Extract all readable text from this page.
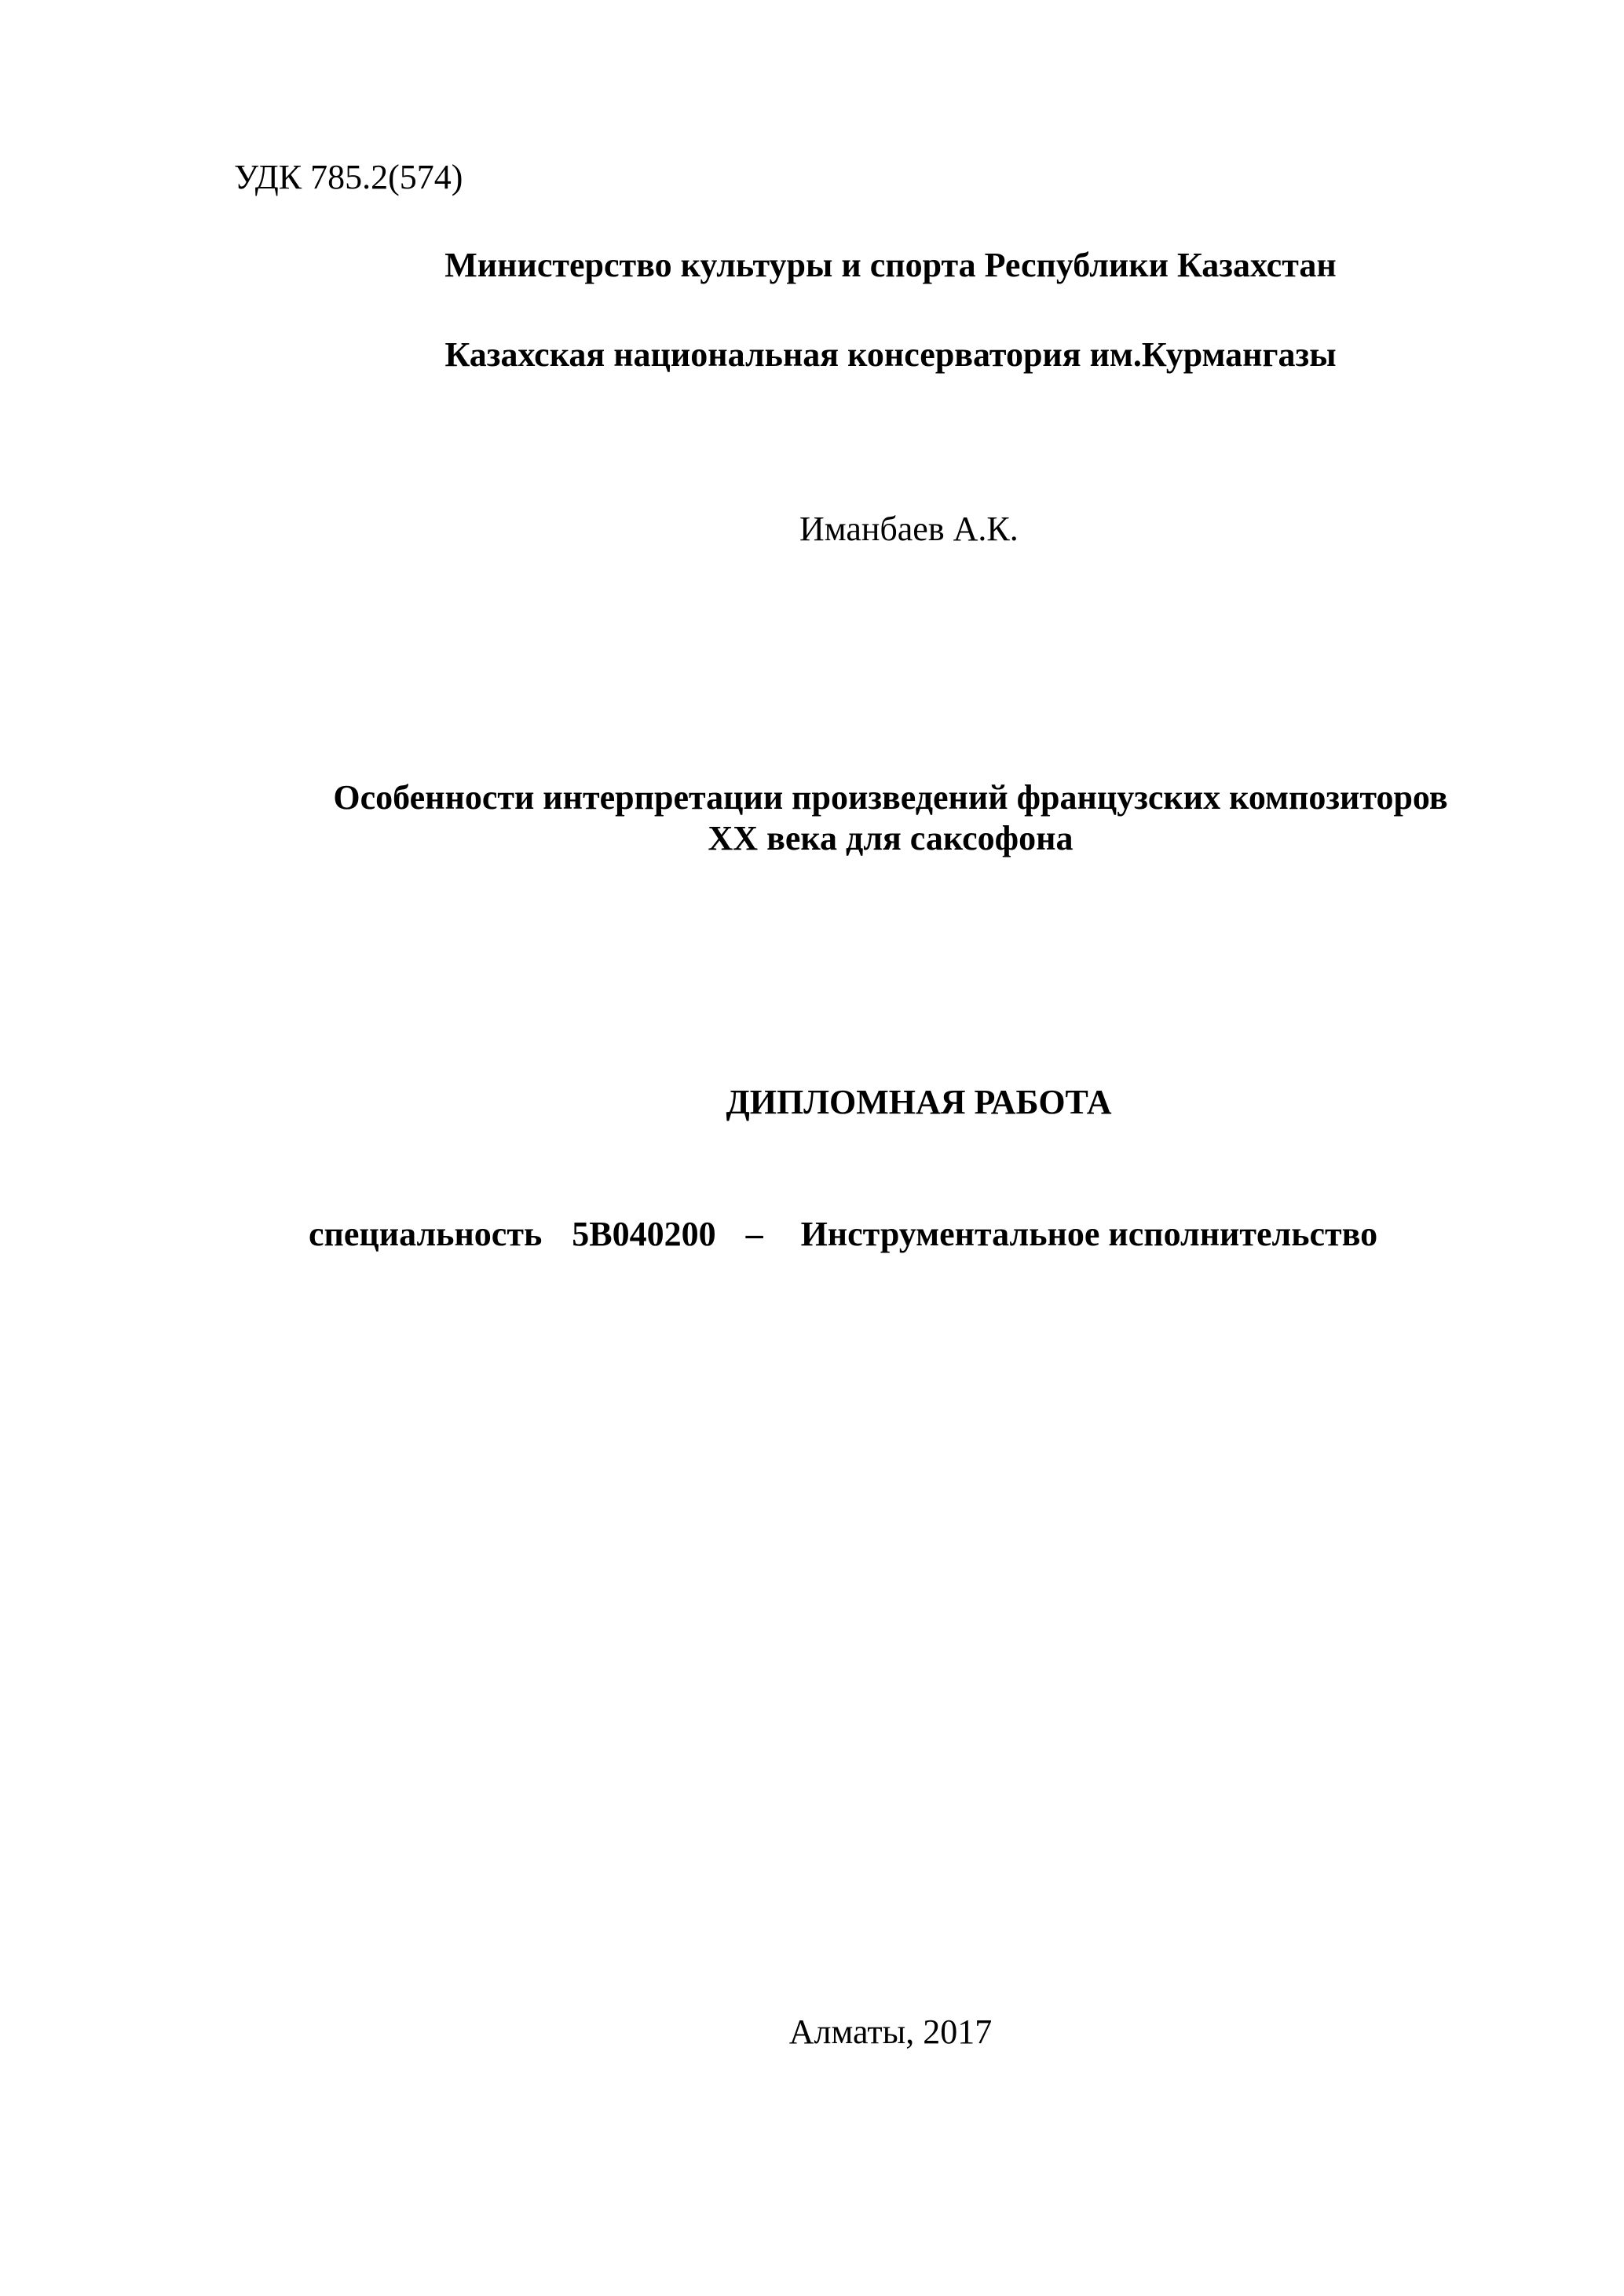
УДК 785.2(574)
Министерство культуры и спорта Республики Казахстан
Казахская национальная консерватория им.Курмангазы
Иманбаев А.К.
Особенности интерпретации произведений французских композиторов
XX века для саксофона
ДИПЛОМНАЯ РАБОТА
специальность 5В040200 – Инструментальное исполнительство
Алматы, 2017
